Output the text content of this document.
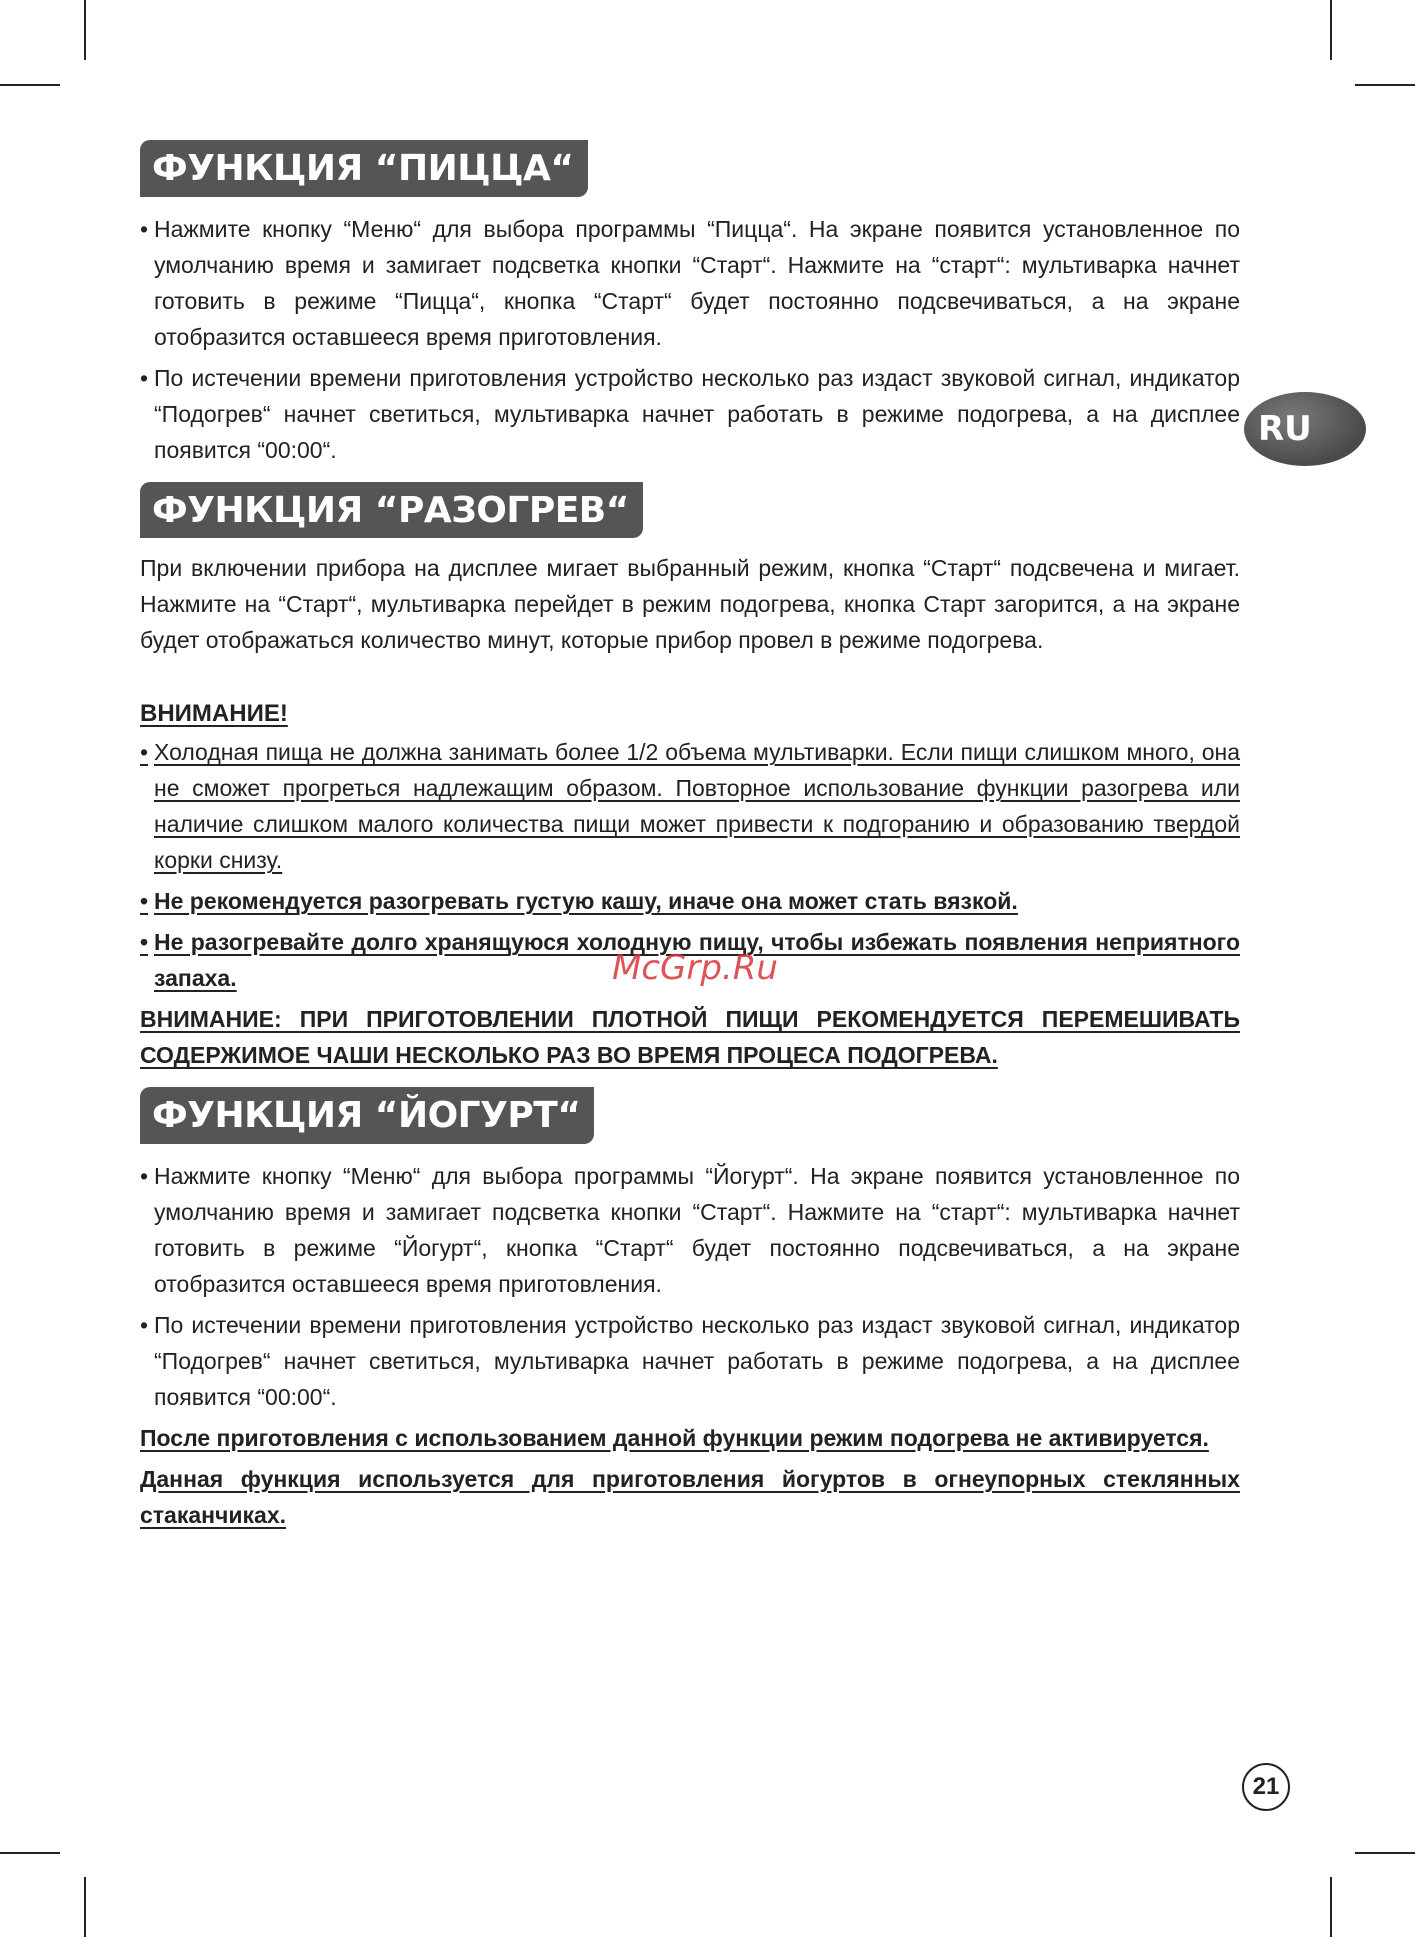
RU
ФУНКЦИЯ “ПИЦЦА“
• Нажмите кнопку “Меню“ для выбора программы “Пицца“. На экране появится установленное по умолчанию время и замигает подсветка кнопки “Старт“. Нажмите на “старт“: мультиварка начнет готовить в режиме “Пицца“, кнопка “Старт“ будет постоянно подсвечиваться, а на экране отобразится оставшееся время приготовления.
• По истечении времени приготовления устройство несколько раз издаст звуковой сигнал, индикатор “Подогрев“ начнет светиться, мультиварка начнет работать в режиме подогрева, а на дисплее появится “00:00“.
ФУНКЦИЯ “РАЗОГРЕВ“

При включении прибора на дисплее мигает выбранный режим, кнопка “Старт“ подсвечена и мигает. Нажмите на “Старт“, мультиварка перейдет в режим подогрева, кнопка Старт загорится, а на экране будет отображаться количество минут, которые прибор провел в режиме подогрева.

ВНИМАНИЕ!
• Холодная пища не должна занимать более 1/2 объема мультиварки. Если пищи слишком много, она не сможет прогреться надлежащим образом. Повторное использование функции разогрева или наличие слишком малого количества пищи может привести к подгоранию и образованию твердой корки снизу.
• Не рекомендуется разогревать густую кашу, иначе она может стать вязкой.
• Не разогревайте долго хранящуюся холодную пищу, чтобы избежать появления неприятного запаха.

ВНИМАНИЕ: ПРИ ПРИГОТОВЛЕНИИ ПЛОТНОЙ ПИЩИ РЕКОМЕНДУЕТСЯ ПЕРЕМЕШИВАТЬ СОДЕРЖИМОЕ ЧАШИ НЕСКОЛЬКО РАЗ ВО ВРЕМЯ ПРОЦЕСА ПОДОГРЕВА.

ФУНКЦИЯ “ЙОГУРТ“
• Нажмите кнопку “Меню“ для выбора программы “Йогурт“. На экране появится установленное по умолчанию время и замигает подсветка кнопки “Старт“. Нажмите на “старт“: мультиварка начнет готовить в режиме “Йогурт“, кнопка “Старт“ будет постоянно подсвечиваться, а на экране отобразится оставшееся время приготовления.
• По истечении времени приготовления устройство несколько раз издаст звуковой сигнал, индикатор “Подогрев“ начнет светиться, мультиварка начнет работать в режиме подогрева, а на дисплее появится “00:00“.

После приготовления с использованием данной функции режим подогрева не активируется.

Данная функция используется для приготовления йогуртов в огнеупорных стеклянных стаканчиках.

McGrp.Ru
21
